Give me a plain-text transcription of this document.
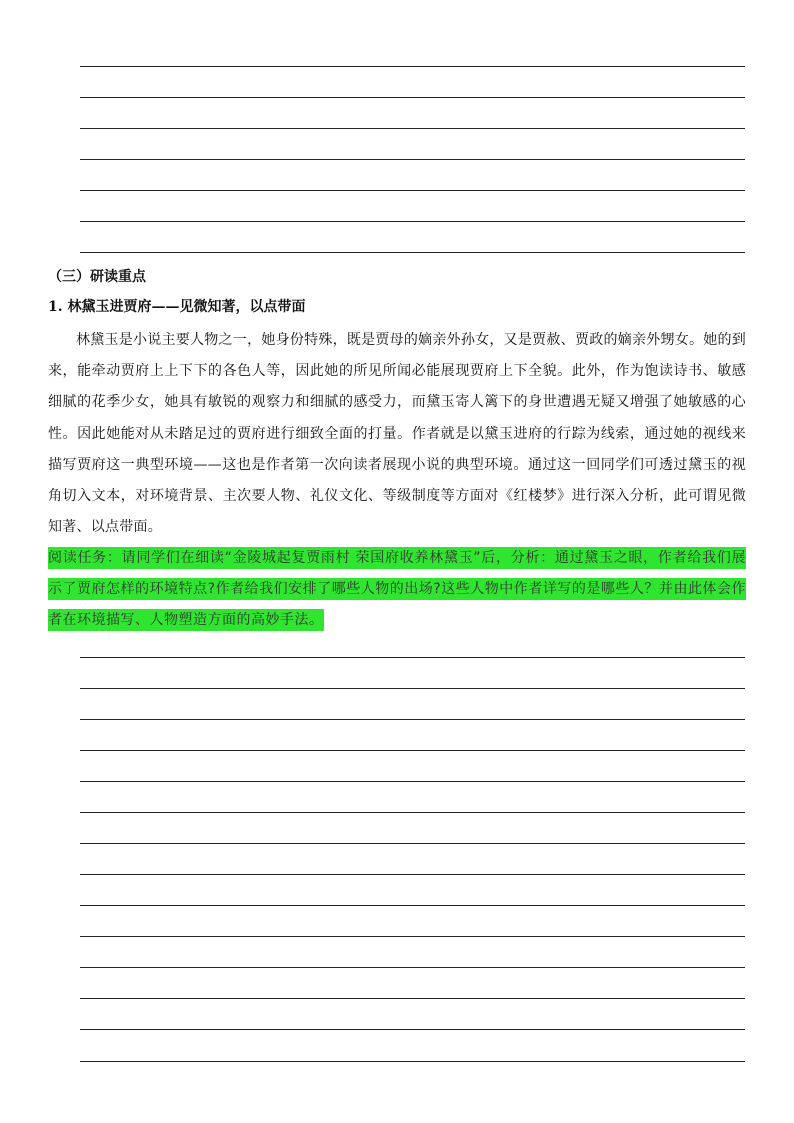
（三）研读重点
1. 林黛玉进贾府——见微知著，以点带面

林黛玉是小说主要人物之一，她身份特殊，既是贾母的嫡亲外孙女，又是贾赦、贾政的嫡亲外甥女。她的到来，能牵动贾府上上下下的各色人等，因此她的所见所闻必能展现贾府上下全貌。此外，作为饱读诗书、敏感细腻的花季少女，她具有敏锐的观察力和细腻的感受力，而黛玉寄人篱下的身世遭遇无疑又增强了她敏感的心性。因此她能对从未踏足过的贾府进行细致全面的打量。作者就是以黛玉进府的行踪为线索，通过她的视线来描写贾府这一典型环境——这也是作者第一次向读者展现小说的典型环境。通过这一回同学们可透过黛玉的视角切入文本，对环境背景、主次要人物、礼仪文化、等级制度等方面对《红楼梦》进行深入分析，此可谓见微知著、以点带面。

阅读任务：请同学们在细读“金陵城起复贾雨村 荣国府收养林黛玉”后，分析：通过黛玉之眼，作者给我们展示了贾府怎样的环境特点?作者给我们安排了哪些人物的出场?这些人物中作者详写的是哪些人？并由此体会作者在环境描写、人物塑造方面的高妙手法。
